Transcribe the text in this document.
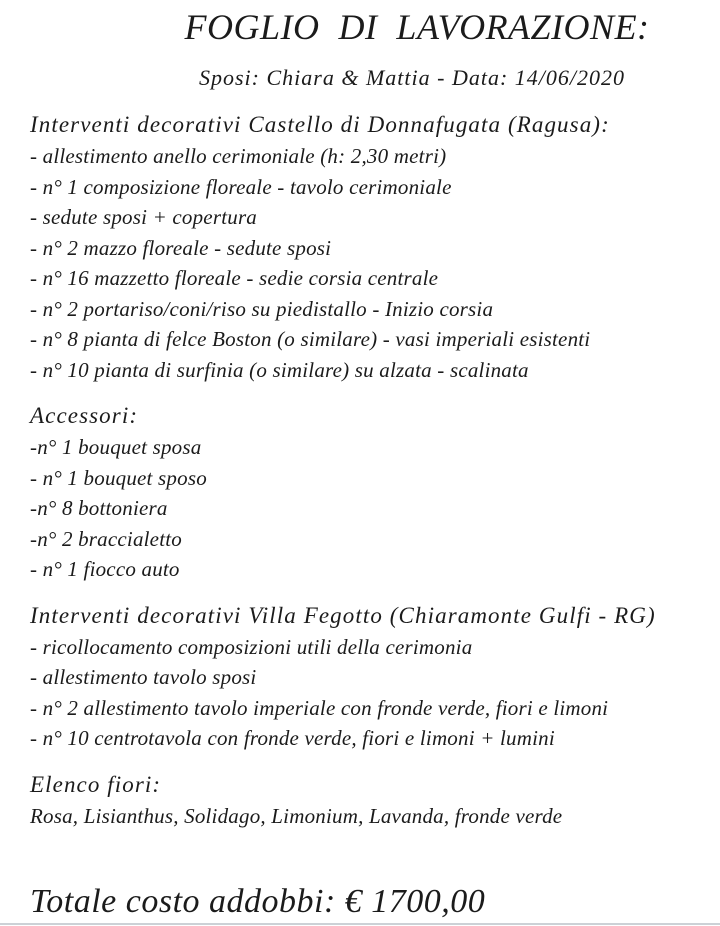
FOGLIO  DI  LAVORAZIONE:
Sposi: Chiara & Mattia - Data: 14/06/2020
Interventi decorativi Castello di Donnafugata (Ragusa):
- allestimento anello cerimoniale (h: 2,30 metri)
- n° 1 composizione floreale - tavolo cerimoniale
- sedute sposi + copertura
- n° 2 mazzo floreale - sedute sposi
- n° 16 mazzetto floreale - sedie corsia centrale
- n° 2 portariso/coni/riso su piedistallo - Inizio corsia
- n° 8 pianta di felce Boston (o similare) - vasi imperiali esistenti
- n° 10 pianta di surfinia (o similare) su alzata - scalinata
Accessori:
-n° 1 bouquet sposa
- n° 1 bouquet sposo
-n° 8 bottoniera
-n° 2 braccialetto
- n° 1 fiocco auto
Interventi decorativi Villa Fegotto (Chiaramonte Gulfi - RG)
- ricollocamento composizioni utili della cerimonia
- allestimento tavolo sposi
- n° 2 allestimento tavolo imperiale con fronde verde, fiori e limoni
- n° 10 centrotavola con fronde verde, fiori e limoni + lumini
Elenco fiori:
Rosa, Lisianthus, Solidago, Limonium, Lavanda, fronde verde
Totale costo addobbi: € 1700,00
